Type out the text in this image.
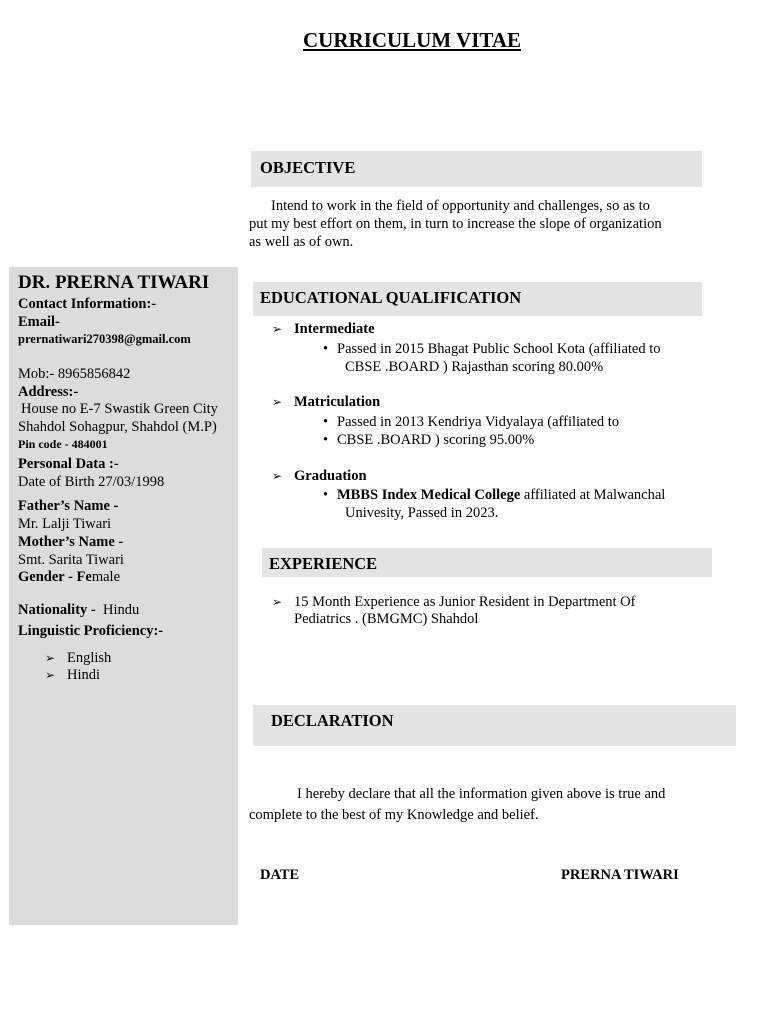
CURRICULUM VITAE
DR. PRERNA TIWARI
Contact Information:-
Email-
prernatiwari270398@gmail.com
Mob:- 8965856842
Address:-
House no E-7 Swastik Green City
Shahdol Sohagpur, Shahdol (M.P)
Pin code - 484001
Personal Data :-
Date of Birth 27/03/1998
Father’s Name -
Mr. Lalji Tiwari
Mother’s Name -
Smt. Sarita Tiwari
Gender - Female
Nationality - Hindu
Linguistic Proficiency:-
➢ English
➢ Hindi
OBJECTIVE
Intend to work in the field of opportunity and challenges, so as to
put my best effort on them, in turn to increase the slope of organization
as well as of own.
EDUCATIONAL QUALIFICATION
➢ Intermediate
• Passed in 2015 Bhagat Public School Kota (affiliated to
CBSE .BOARD ) Rajasthan scoring 80.00%
➢ Matriculation
• Passed in 2013 Kendriya Vidyalaya (affiliated to
• CBSE .BOARD ) scoring 95.00%
➢ Graduation
• MBBS Index Medical College affiliated at Malwanchal
Univesity, Passed in 2023.
EXPERIENCE
➢ 15 Month Experience as Junior Resident in Department Of
Pediatrics . (BMGMC) Shahdol
DECLARATION
I hereby declare that all the information given above is true and
complete to the best of my Knowledge and belief.
DATE	PRERNA TIWARI
